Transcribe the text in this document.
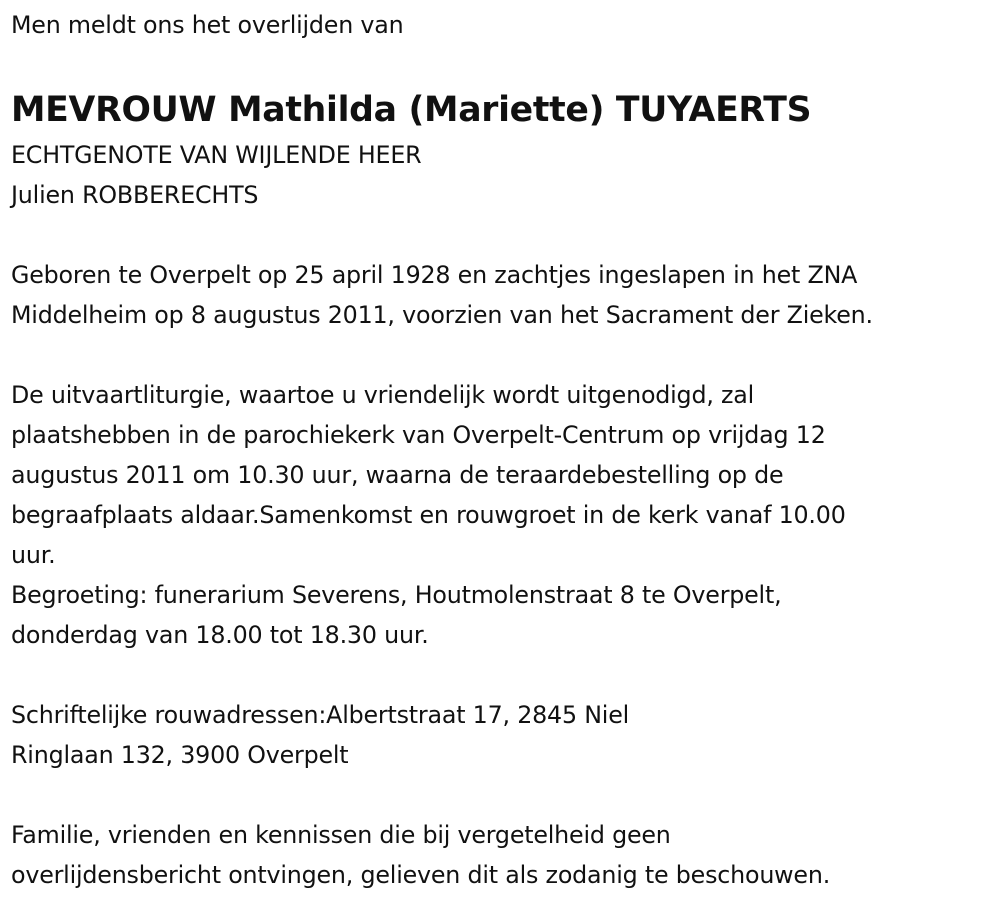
Men meldt ons het overlijden van
MEVROUW Mathilda (Mariette) TUYAERTS
ECHTGENOTE VAN WIJLENDE HEER
Julien ROBBERECHTS
Geboren te Overpelt op 25 april 1928 en zachtjes ingeslapen in het ZNA
Middelheim op 8 augustus 2011, voorzien van het Sacrament der Zieken.
De uitvaartliturgie, waartoe u vriendelijk wordt uitgenodigd, zal
plaatshebben in de parochiekerk van Overpelt-Centrum op vrijdag 12
augustus 2011 om 10.30 uur, waarna de teraardebestelling op de
begraafplaats aldaar.Samenkomst en rouwgroet in de kerk vanaf 10.00
uur.
Begroeting: funerarium Severens, Houtmolenstraat 8 te Overpelt,
donderdag van 18.00 tot 18.30 uur.
Schriftelijke rouwadressen:Albertstraat 17, 2845 Niel
Ringlaan 132, 3900 Overpelt
Familie, vrienden en kennissen die bij vergetelheid geen
overlijdensbericht ontvingen, gelieven dit als zodanig te beschouwen.
